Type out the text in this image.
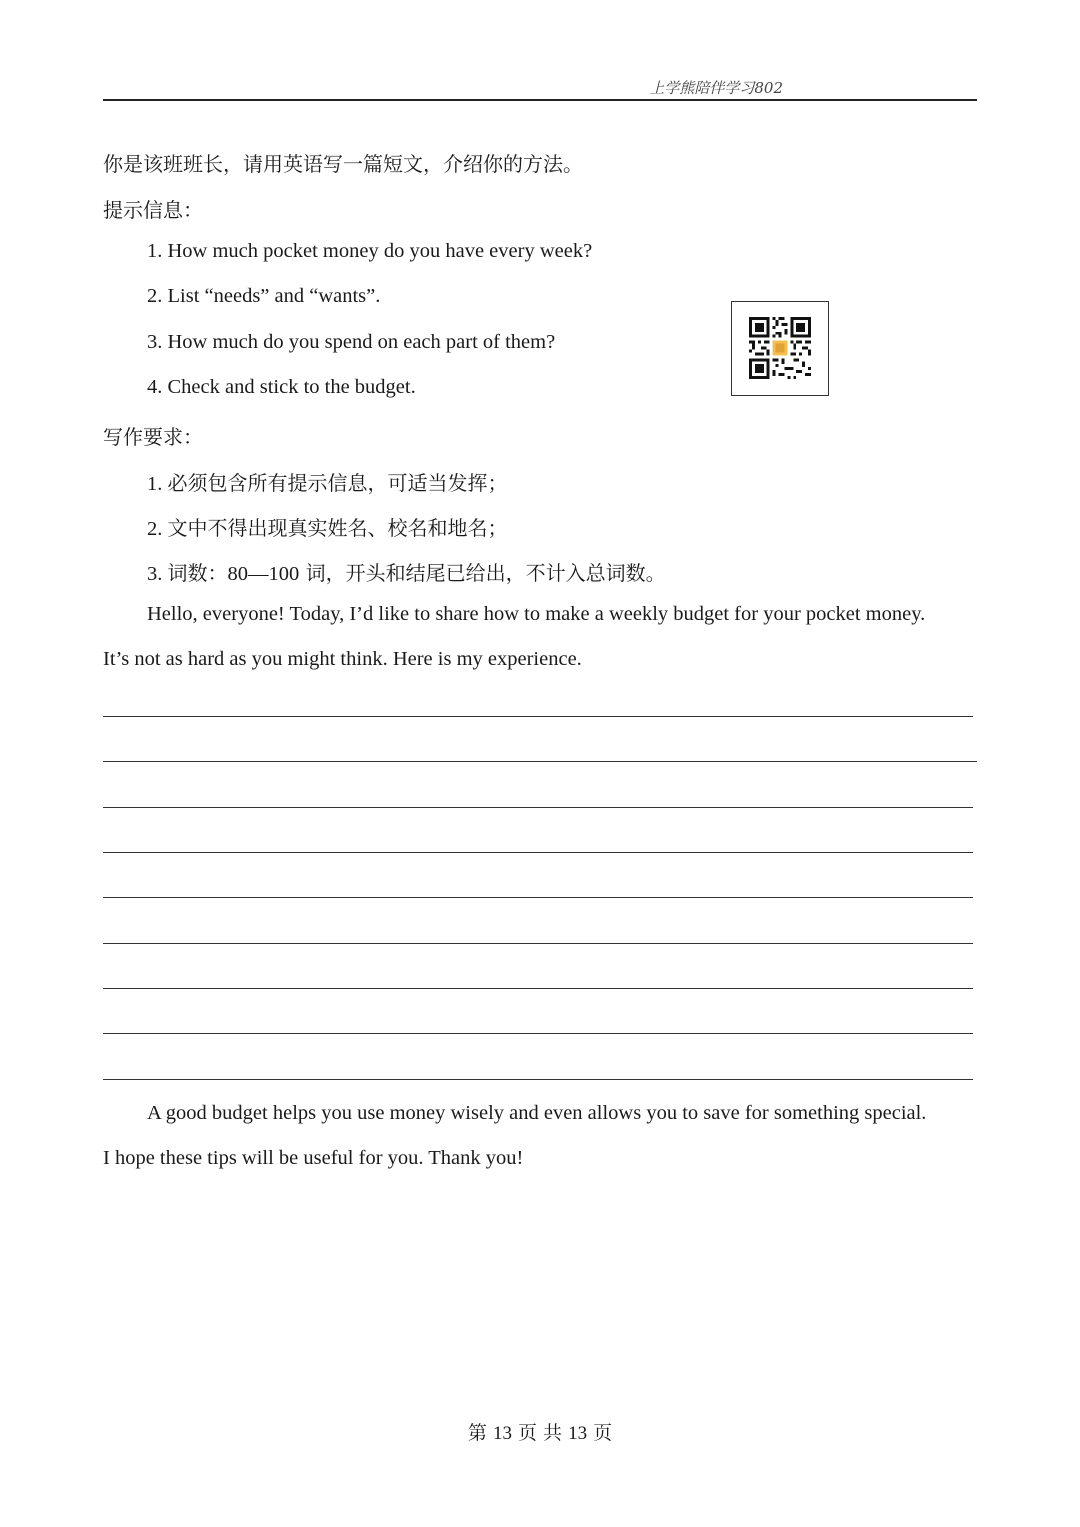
上学熊陪伴学习802
你是该班班长，请用英语写一篇短文，介绍你的方法。
提示信息：
1. How much pocket money do you have every week?
2. List “needs” and “wants”.
3. How much do you spend on each part of them?
4. Check and stick to the budget.
写作要求：
1. 必须包含所有提示信息，可适当发挥；
2. 文中不得出现真实姓名、校名和地名；
3. 词数：80—100 词，开头和结尾已给出，不计入总词数。
Hello, everyone! Today, I’d like to share how to make a weekly budget for your pocket money.
It’s not as hard as you might think. Here is my experience.
A good budget helps you use money wisely and even allows you to save for something special.
I hope these tips will be useful for you. Thank you!
第 13 页 共 13 页
